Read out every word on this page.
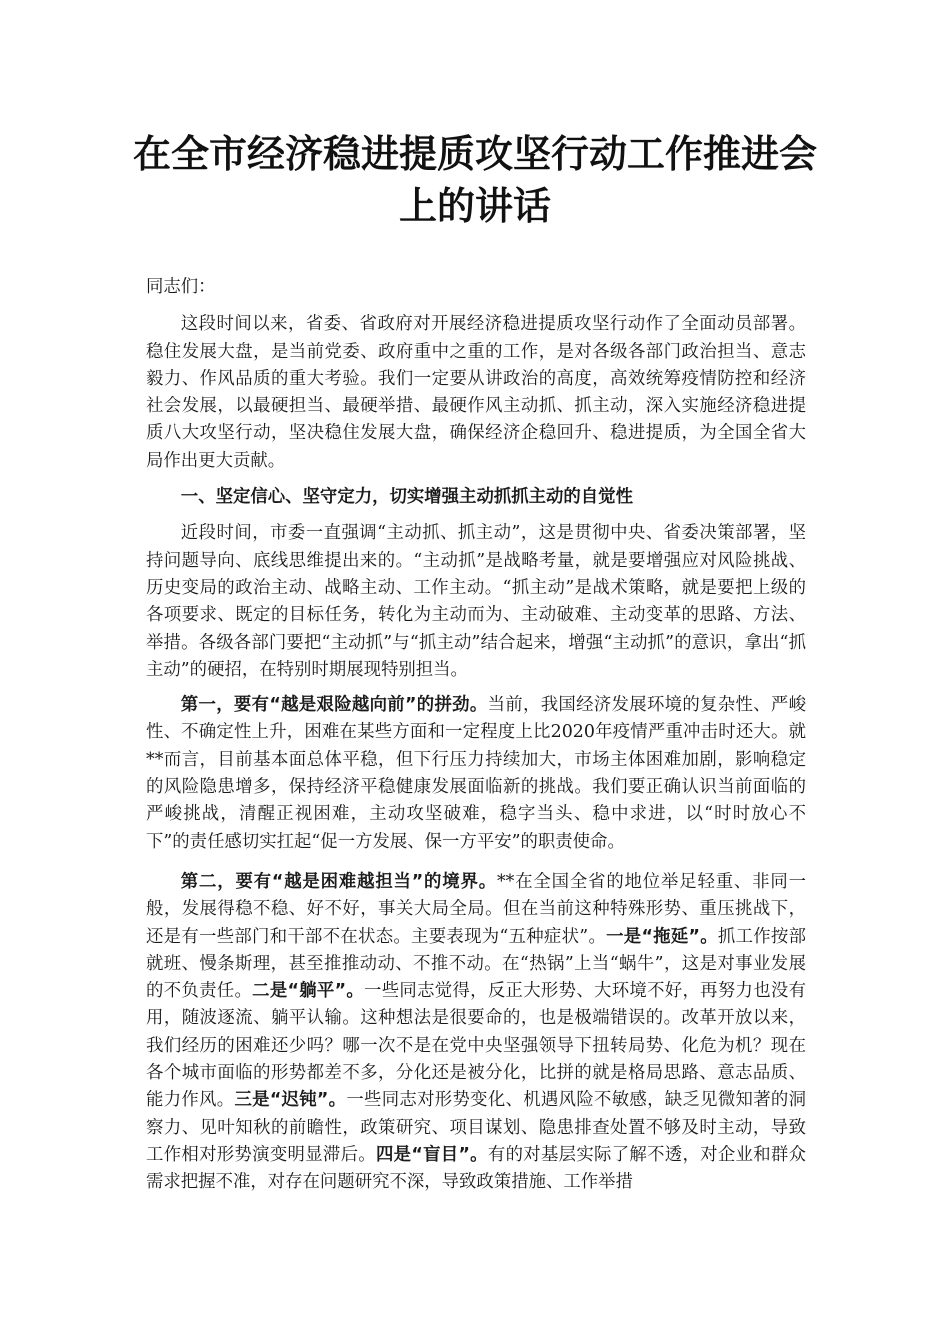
在全市经济稳进提质攻坚行动工作推进会
上的讲话

同志们：

这段时间以来，省委、省政府对开展经济稳进提质攻坚行动作了全面动员部署。稳住发展大盘，是当前党委、政府重中之重的工作，是对各级各部门政治担当、意志毅力、作风品质的重大考验。我们一定要从讲政治的高度，高效统筹疫情防控和经济社会发展，以最硬担当、最硬举措、最硬作风主动抓、抓主动，深入实施经济稳进提质八大攻坚行动，坚决稳住发展大盘，确保经济企稳回升、稳进提质，为全国全省大局作出更大贡献。

一、坚定信心、坚守定力，切实增强主动抓抓主动的自觉性

近段时间，市委一直强调“主动抓、抓主动”，这是贯彻中央、省委决策部署，坚持问题导向、底线思维提出来的。“主动抓”是战略考量，就是要增强应对风险挑战、历史变局的政治主动、战略主动、工作主动。“抓主动”是战术策略，就是要把上级的各项要求、既定的目标任务，转化为主动而为、主动破难、主动变革的思路、方法、举措。各级各部门要把“主动抓”与“抓主动”结合起来，增强“主动抓”的意识，拿出“抓主动”的硬招，在特别时期展现特别担当。

第一，要有“越是艰险越向前”的拼劲。当前，我国经济发展环境的复杂性、严峻性、不确定性上升，困难在某些方面和一定程度上比2020年疫情严重冲击时还大。就**而言，目前基本面总体平稳，但下行压力持续加大，市场主体困难加剧，影响稳定的风险隐患增多，保持经济平稳健康发展面临新的挑战。我们要正确认识当前面临的严峻挑战，清醒正视困难，主动攻坚破难，稳字当头、稳中求进，以“时时放心不下”的责任感切实扛起“促一方发展、保一方平安”的职责使命。

第二，要有“越是困难越担当”的境界。**在全国全省的地位举足轻重、非同一般，发展得稳不稳、好不好，事关大局全局。但在当前这种特殊形势、重压挑战下，还是有一些部门和干部不在状态。主要表现为“五种症状”。一是“拖延”。抓工作按部就班、慢条斯理，甚至推推动动、不推不动。在“热锅”上当“蜗牛”，这是对事业发展的不负责任。二是“躺平”。一些同志觉得，反正大形势、大环境不好，再努力也没有用，随波逐流、躺平认输。这种想法是很要命的，也是极端错误的。改革开放以来，我们经历的困难还少吗？哪一次不是在党中央坚强领导下扭转局势、化危为机？现在各个城市面临的形势都差不多，分化还是被分化，比拼的就是格局思路、意志品质、能力作风。三是“迟钝”。一些同志对形势变化、机遇风险不敏感，缺乏见微知著的洞察力、见叶知秋的前瞻性，政策研究、项目谋划、隐患排查处置不够及时主动，导致工作相对形势演变明显滞后。四是“盲目”。有的对基层实际了解不透，对企业和群众需求把握不准，对存在问题研究不深，导致政策措施、工作举措
